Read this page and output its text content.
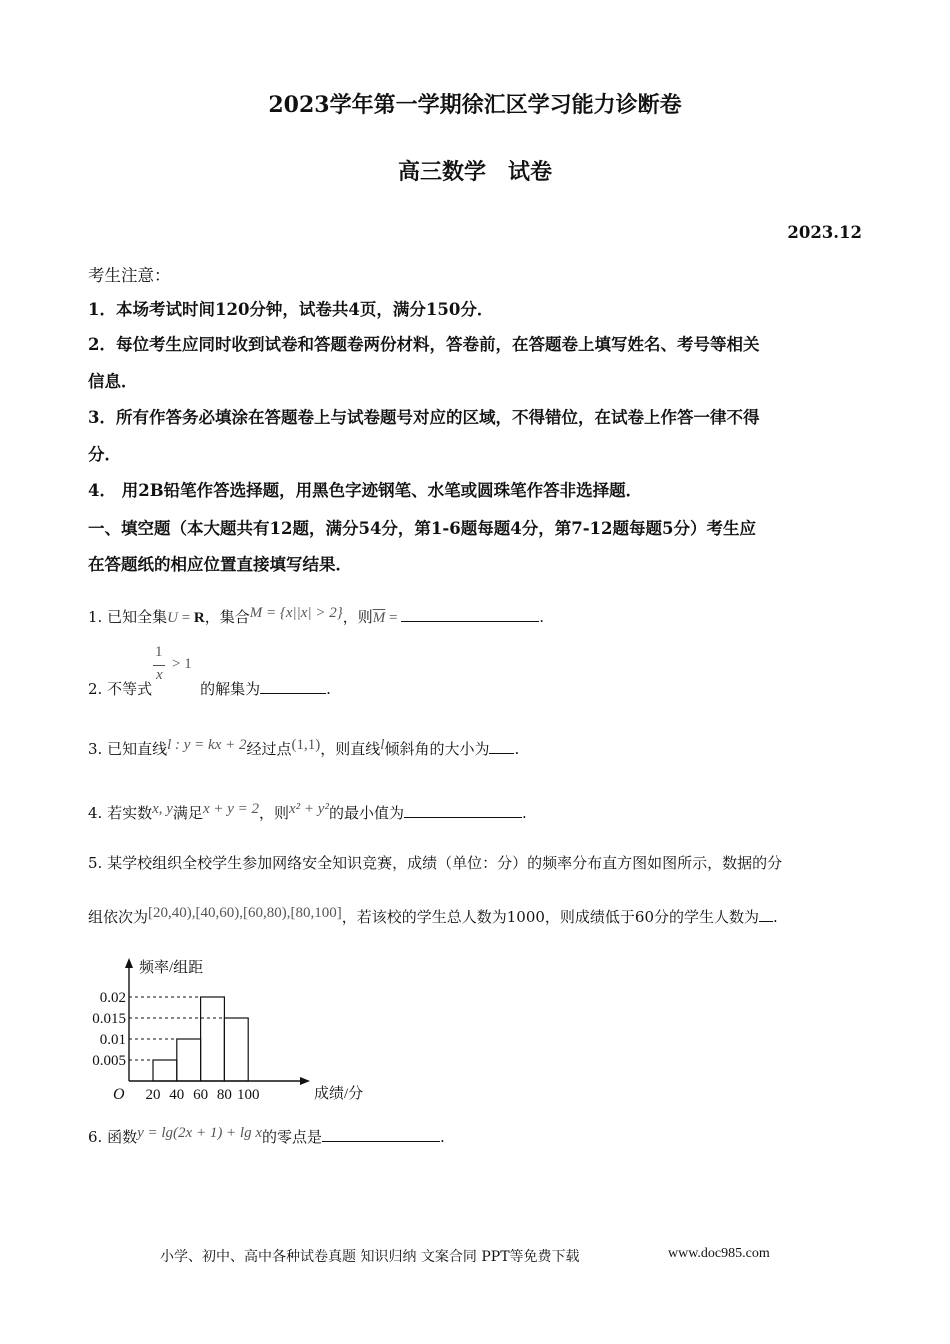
2023学年第一学期徐汇区学习能力诊断卷
高三数学　试卷
2023.12
考生注意：
1．本场考试时间120分钟，试卷共4页，满分150分．
2．每位考生应同时收到试卷和答题卷两份材料，答卷前，在答题卷上填写姓名、考号等相关
信息．
3．所有作答务必填涂在答题卷上与试卷题号对应的区域，不得错位，在试卷上作答一律不得
分．
4． 用2B铅笔作答选择题，用黑色字迹钢笔、水笔或圆珠笔作答非选择题．
一、填空题（本大题共有12题，满分54分，第1-6题每题4分，第7-12题每题5分）考生应
在答题纸的相应位置直接填写结果．
1. 已知全集U = R，集合M = {x||x| > 2}，则$\overline{M}$ =	.
2. 不等式	的解集为	.
1
x
> 1
3. 已知直线l : y = kx + 2经过点(1,1)，则直线l倾斜角的大小为 .
4. 若实数x, y满足x + y = 2，则x² + y²的最小值为	.
5. 某学校组织全校学生参加网络安全知识竞赛，成绩（单位：分）的频率分布直方图如图所示，数据的分
组依次为[20,40),[40,60),[60,80),[80,100]，若该校的学生总人数为1000，则成绩低于60分的学生人数为 .
频率/组距
成绩/分
O
0.005
0.01
0.015
0.02
20 40 60 80 100
6. 函数y = lg(2x + 1) + lg x的零点是	.
小学、初中、高中各种试卷真题 知识归纳 文案合同 PPT等免费下载	www.doc985.com
